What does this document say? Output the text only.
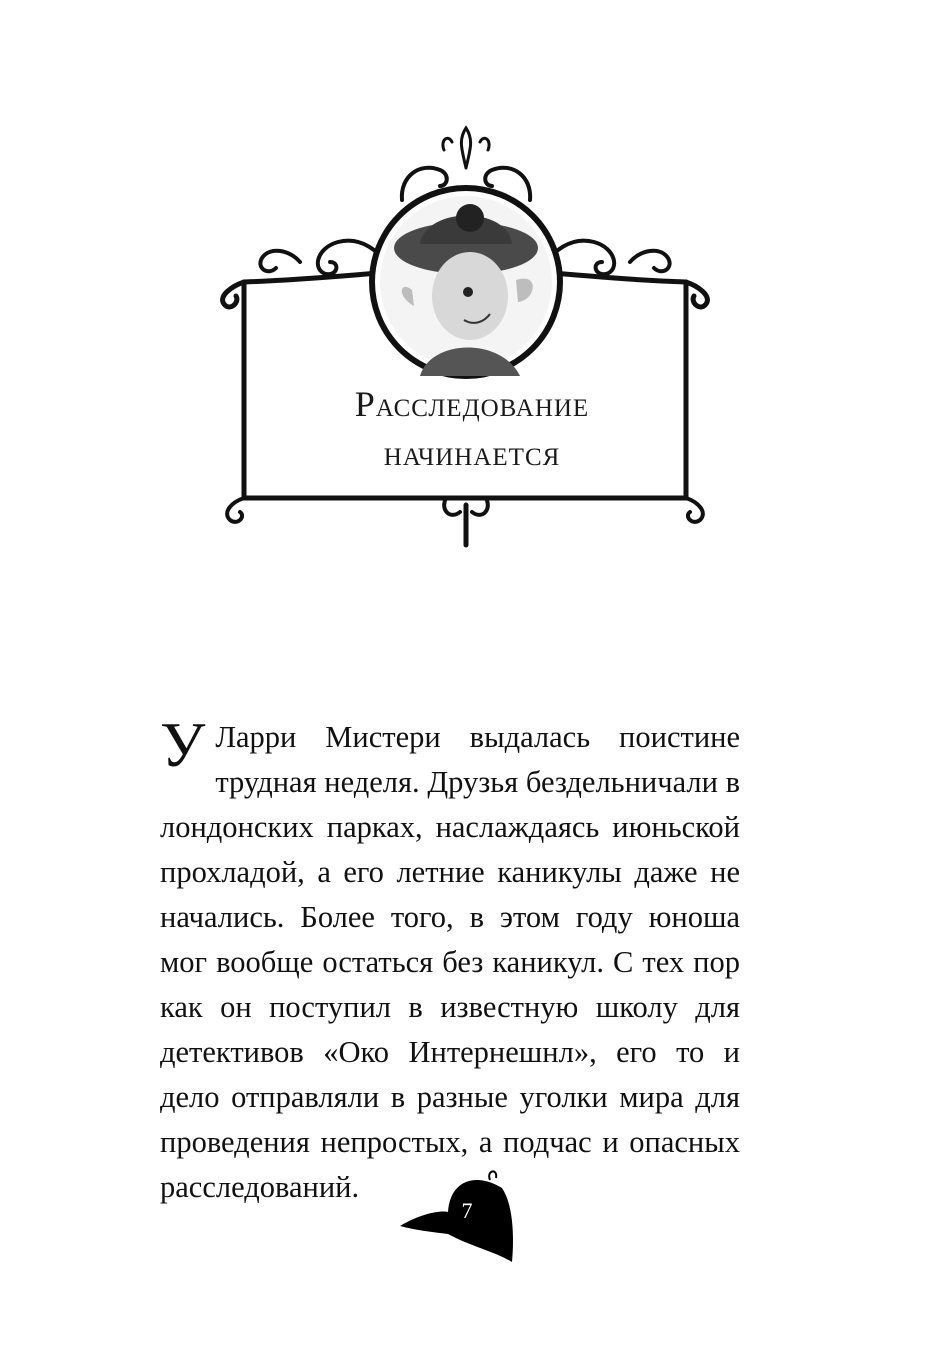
Расследование
начинается
У Ларри Мистери выдалась поистине трудная неделя. Друзья бездельничали в лондонских парках, наслаждаясь июньской прохладой, а его летние каникулы даже не начались. Более того, в этом году юноша мог вообще остаться без каникул. С тех пор как он поступил в известную школу для детективов «Око Интернешнл», его то и дело отправляли в разные уголки мира для проведения непростых, а подчас и опасных расследований.
7
